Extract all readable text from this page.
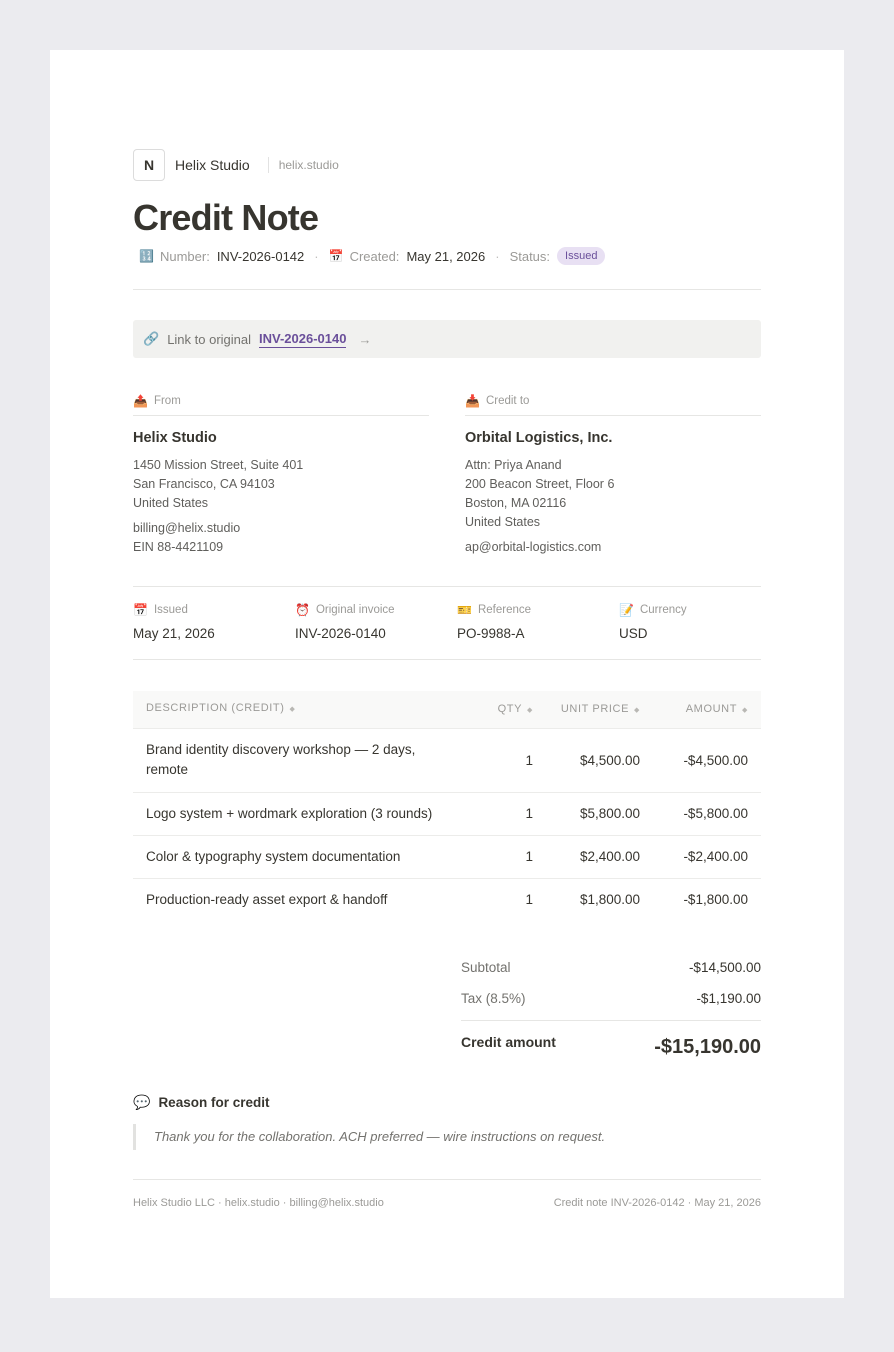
N	Helix Studio helix.studio
Credit Note
🔢 Number: INV-2026-0142 · 📅 Created: May 21, 2026 · Status:	Issued
🔗 Link to original INV-2026-0140 →
📤 From
Helix Studio
1450 Mission Street, Suite 401
San Francisco, CA 94103
United States
billing@helix.studio
EIN 88-4421109
📥 Credit to
Orbital Logistics, Inc.
Attn: Priya Anand
200 Beacon Street, Floor 6
Boston, MA 02116
United States
ap@orbital-logistics.com
📅 Issued
May 21, 2026
⏰ Original invoice
INV-2026-0140
🎫 Reference
PO-9988-A
📝 Currency
USD
DESCRIPTION (CREDIT) ◆	QTY ◆	UNIT PRICE ◆	AMOUNT ◆
Brand identity discovery workshop — 2 days, remote	1	$4,500.00	-$4,500.00
Logo system + wordmark exploration (3 rounds)	1	$5,800.00	-$5,800.00
Color & typography system documentation	1	$2,400.00	-$2,400.00
Production-ready asset export & handoff	1	$1,800.00	-$1,800.00
Subtotal	-$14,500.00
Tax (8.5%)	-$1,190.00
Credit amount	-$15,190.00
💬 Reason for credit
Thank you for the collaboration. ACH preferred — wire instructions on request.
Helix Studio LLC · helix.studio · billing@helix.studio	Credit note INV-2026-0142 · May 21, 2026
